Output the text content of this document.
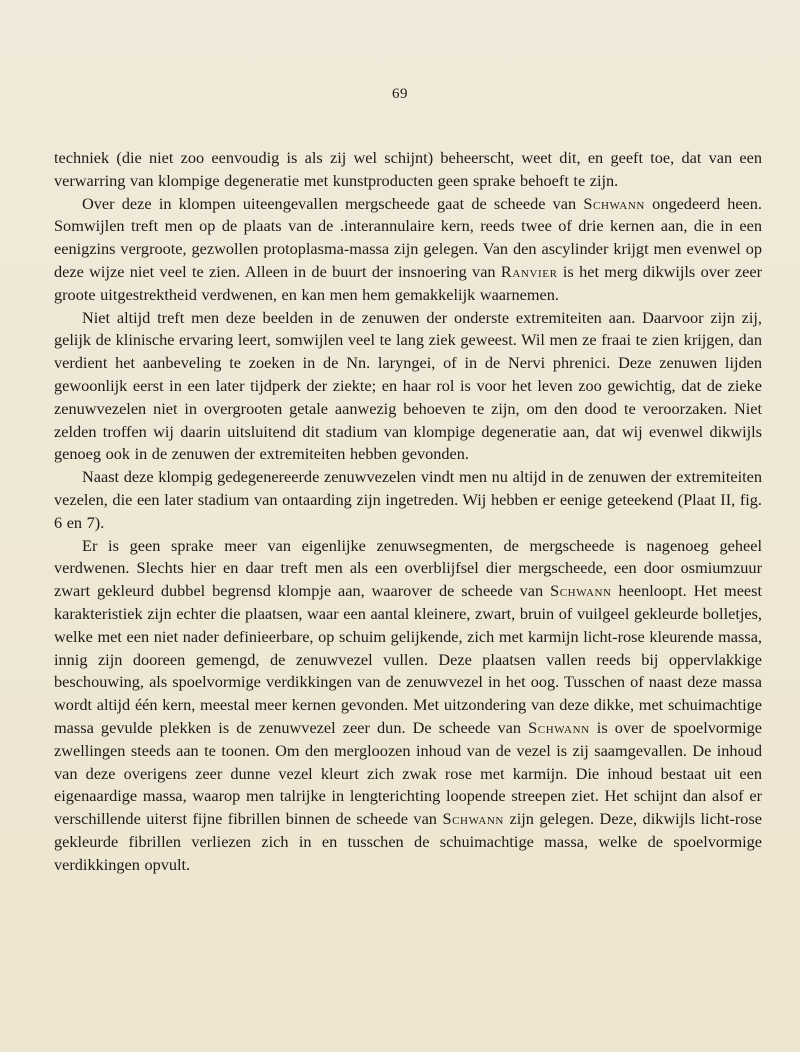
69

techniek (die niet zoo eenvoudig is als zij wel schijnt) beheerscht, weet dit, en geeft toe, dat van een verwarring van klompige degeneratie met kunstproducten geen sprake behoeft te zijn.

Over deze in klompen uiteengevallen mergscheede gaat de scheede van Schwann ongedeerd heen. Somwijlen treft men op de plaats van de .interannulaire kern, reeds twee of drie kernen aan, die in een eenigzins vergroote, gezwollen protoplasma-massa zijn gelegen. Van den ascylinder krijgt men evenwel op deze wijze niet veel te zien. Alleen in de buurt der insnoering van Ranvier is het merg dikwijls over zeer groote uitgestrektheid verdwenen, en kan men hem gemakkelijk waarnemen.

Niet altijd treft men deze beelden in de zenuwen der onderste extremiteiten aan. Daarvoor zijn zij, gelijk de klinische ervaring leert, somwijlen veel te lang ziek geweest. Wil men ze fraai te zien krijgen, dan verdient het aanbeveling te zoeken in de Nn. laryngei, of in de Nervi phrenici. Deze zenuwen lijden gewoonlijk eerst in een later tijdperk der ziekte; en haar rol is voor het leven zoo gewichtig, dat de zieke zenuwvezelen niet in overgrooten getale aanwezig behoeven te zijn, om den dood te veroorzaken. Niet zelden troffen wij daarin uitsluitend dit stadium van klompige degeneratie aan, dat wij evenwel dikwijls genoeg ook in de zenuwen der extremiteiten hebben gevonden.

Naast deze klompig gedegenereerde zenuwvezelen vindt men nu altijd in de zenuwen der extremiteiten vezelen, die een later stadium van ontaarding zijn ingetreden. Wij hebben er eenige geteekend (Plaat II, fig. 6 en 7).

Er is geen sprake meer van eigenlijke zenuwsegmenten, de mergscheede is nagenoeg geheel verdwenen. Slechts hier en daar treft men als een overblijfsel dier mergscheede, een door osmiumzuur zwart gekleurd dubbel begrensd klompje aan, waarover de scheede van Schwann heenloopt. Het meest karakteristiek zijn echter die plaatsen, waar een aantal kleinere, zwart, bruin of vuilgeel gekleurde bolletjes, welke met een niet nader definieerbare, op schuim gelijkende, zich met karmijn licht-rose kleurende massa, innig zijn dooreen gemengd, de zenuwvezel vullen. Deze plaatsen vallen reeds bij oppervlakkige beschouwing, als spoelvormige verdikkingen van de zenuwvezel in het oog. Tusschen of naast deze massa wordt altijd één kern, meestal meer kernen gevonden. Met uitzondering van deze dikke, met schuimachtige massa gevulde plekken is de zenuwvezel zeer dun. De scheede van Schwann is over de spoelvormige zwellingen steeds aan te toonen. Om den mergloozen inhoud van de vezel is zij saamgevallen. De inhoud van deze overigens zeer dunne vezel kleurt zich zwak rose met karmijn. Die inhoud bestaat uit een eigenaardige massa, waarop men talrijke in lengterichting loopende streepen ziet. Het schijnt dan alsof er verschillende uiterst fijne fibrillen binnen de scheede van Schwann zijn gelegen. Deze, dikwijls licht-rose gekleurde fibrillen verliezen zich in en tusschen de schuimachtige massa, welke de spoelvormige verdikkingen opvult.
